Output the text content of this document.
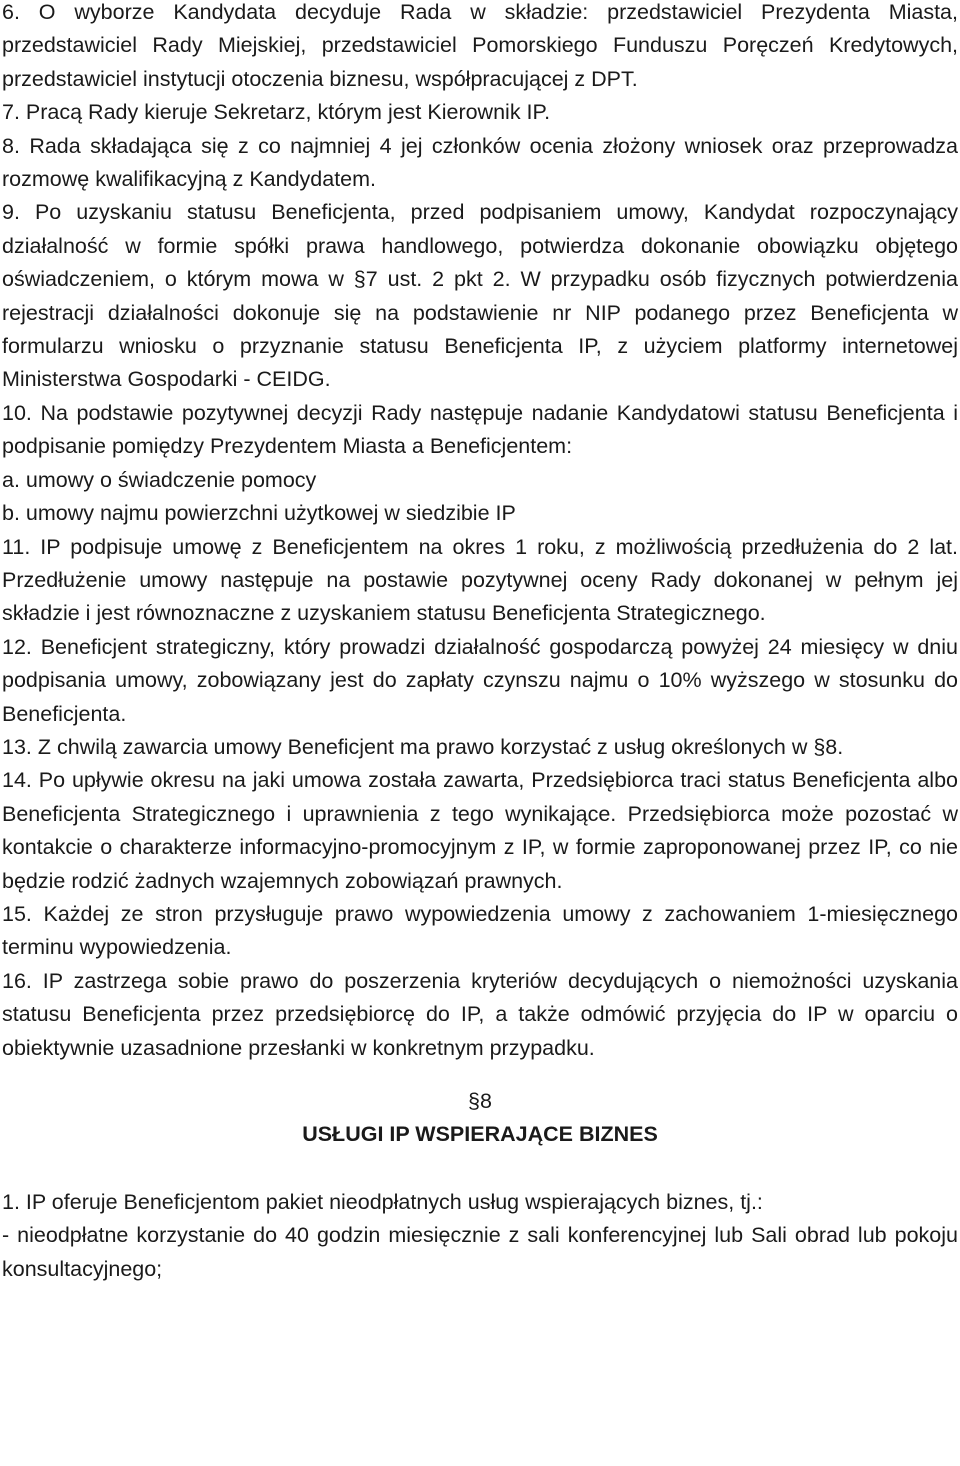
6. O wyborze Kandydata decyduje Rada w składzie: przedstawiciel Prezydenta Miasta, przedstawiciel Rady Miejskiej, przedstawiciel Pomorskiego Funduszu Poręczeń Kredytowych, przedstawiciel instytucji otoczenia biznesu, współpracującej z DPT.

7. Pracą Rady kieruje Sekretarz, którym jest Kierownik IP.

8. Rada składająca się z co najmniej 4 jej członków ocenia złożony wniosek oraz przeprowadza rozmowę kwalifikacyjną z Kandydatem.

9. Po uzyskaniu statusu Beneficjenta, przed podpisaniem umowy, Kandydat rozpoczynający działalność w formie spółki prawa handlowego, potwierdza dokonanie obowiązku objętego oświadczeniem, o którym mowa w §7 ust. 2 pkt 2. W przypadku osób fizycznych potwierdzenia rejestracji działalności dokonuje się na podstawienie nr NIP podanego przez Beneficjenta w formularzu wniosku o przyznanie statusu Beneficjenta IP, z użyciem platformy internetowej Ministerstwa Gospodarki - CEIDG.

10. Na podstawie pozytywnej decyzji Rady następuje nadanie Kandydatowi statusu Beneficjenta i podpisanie pomiędzy Prezydentem Miasta a Beneficjentem:

a. umowy o świadczenie pomocy

b. umowy najmu powierzchni użytkowej w siedzibie IP

11. IP podpisuje umowę z Beneficjentem na okres 1 roku, z możliwością przedłużenia do 2 lat. Przedłużenie umowy następuje na postawie pozytywnej oceny Rady dokonanej w pełnym jej składzie i jest równoznaczne z uzyskaniem statusu Beneficjenta Strategicznego.

12. Beneficjent strategiczny, który prowadzi działalność gospodarczą powyżej 24 miesięcy w dniu podpisania umowy, zobowiązany jest do zapłaty czynszu najmu o 10% wyższego w stosunku do Beneficjenta.

13. Z chwilą zawarcia umowy Beneficjent ma prawo korzystać z usług określonych w §8.

14. Po upływie okresu na jaki umowa została zawarta, Przedsiębiorca traci status Beneficjenta albo Beneficjenta Strategicznego i uprawnienia z tego wynikające. Przedsiębiorca może pozostać w kontakcie o charakterze informacyjno-promocyjnym z IP, w formie zaproponowanej przez IP, co nie będzie rodzić żadnych wzajemnych zobowiązań prawnych.

15. Każdej ze stron przysługuje prawo wypowiedzenia umowy z zachowaniem 1-miesięcznego terminu wypowiedzenia.

16. IP zastrzega sobie prawo do poszerzenia kryteriów decydujących o niemożności uzyskania statusu Beneficjenta przez przedsiębiorcę do IP, a także odmówić przyjęcia do IP w oparciu o obiektywnie uzasadnione przesłanki w konkretnym przypadku.

§8

USŁUGI IP WSPIERAJĄCE BIZNES

1. IP oferuje Beneficjentom pakiet nieodpłatnych usług wspierających biznes, tj.:

- nieodpłatne korzystanie do 40 godzin miesięcznie z sali konferencyjnej lub Sali obrad lub pokoju konsultacyjnego;
